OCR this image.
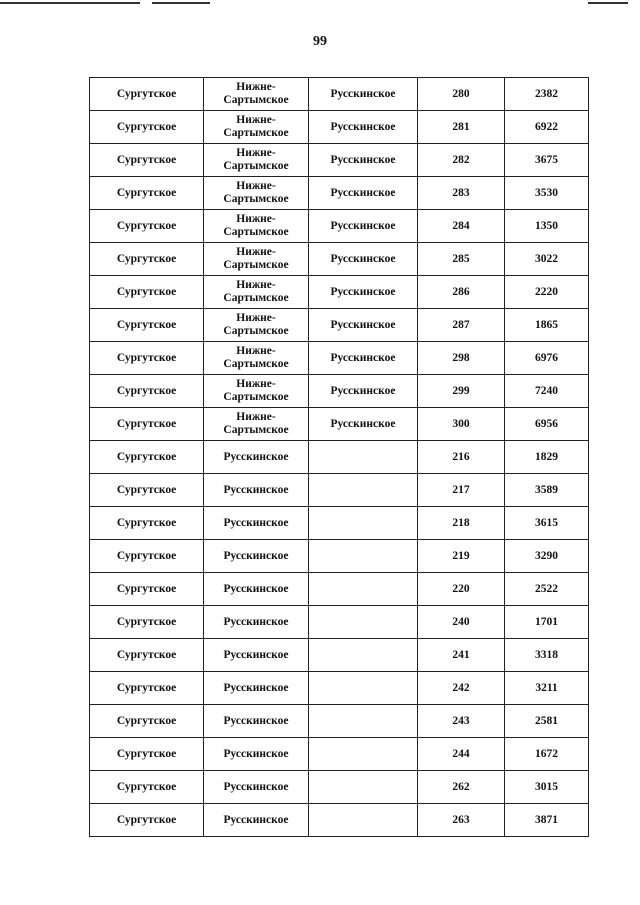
99
Сургутское	Нижне-Сартымское	Русскинское	280	2382
Сургутское	Нижне-Сартымское	Русскинское	281	6922
Сургутское	Нижне-Сартымское	Русскинское	282	3675
Сургутское	Нижне-Сартымское	Русскинское	283	3530
Сургутское	Нижне-Сартымское	Русскинское	284	1350
Сургутское	Нижне-Сартымское	Русскинское	285	3022
Сургутское	Нижне-Сартымское	Русскинское	286	2220
Сургутское	Нижне-Сартымское	Русскинское	287	1865
Сургутское	Нижне-Сартымское	Русскинское	298	6976
Сургутское	Нижне-Сартымское	Русскинское	299	7240
Сургутское	Нижне-Сартымское	Русскинское	300	6956
Сургутское	Русскинское		216	1829
Сургутское	Русскинское		217	3589
Сургутское	Русскинское		218	3615
Сургутское	Русскинское		219	3290
Сургутское	Русскинское		220	2522
Сургутское	Русскинское		240	1701
Сургутское	Русскинское		241	3318
Сургутское	Русскинское		242	3211
Сургутское	Русскинское		243	2581
Сургутское	Русскинское		244	1672
Сургутское	Русскинское		262	3015
Сургутское	Русскинское		263	3871
